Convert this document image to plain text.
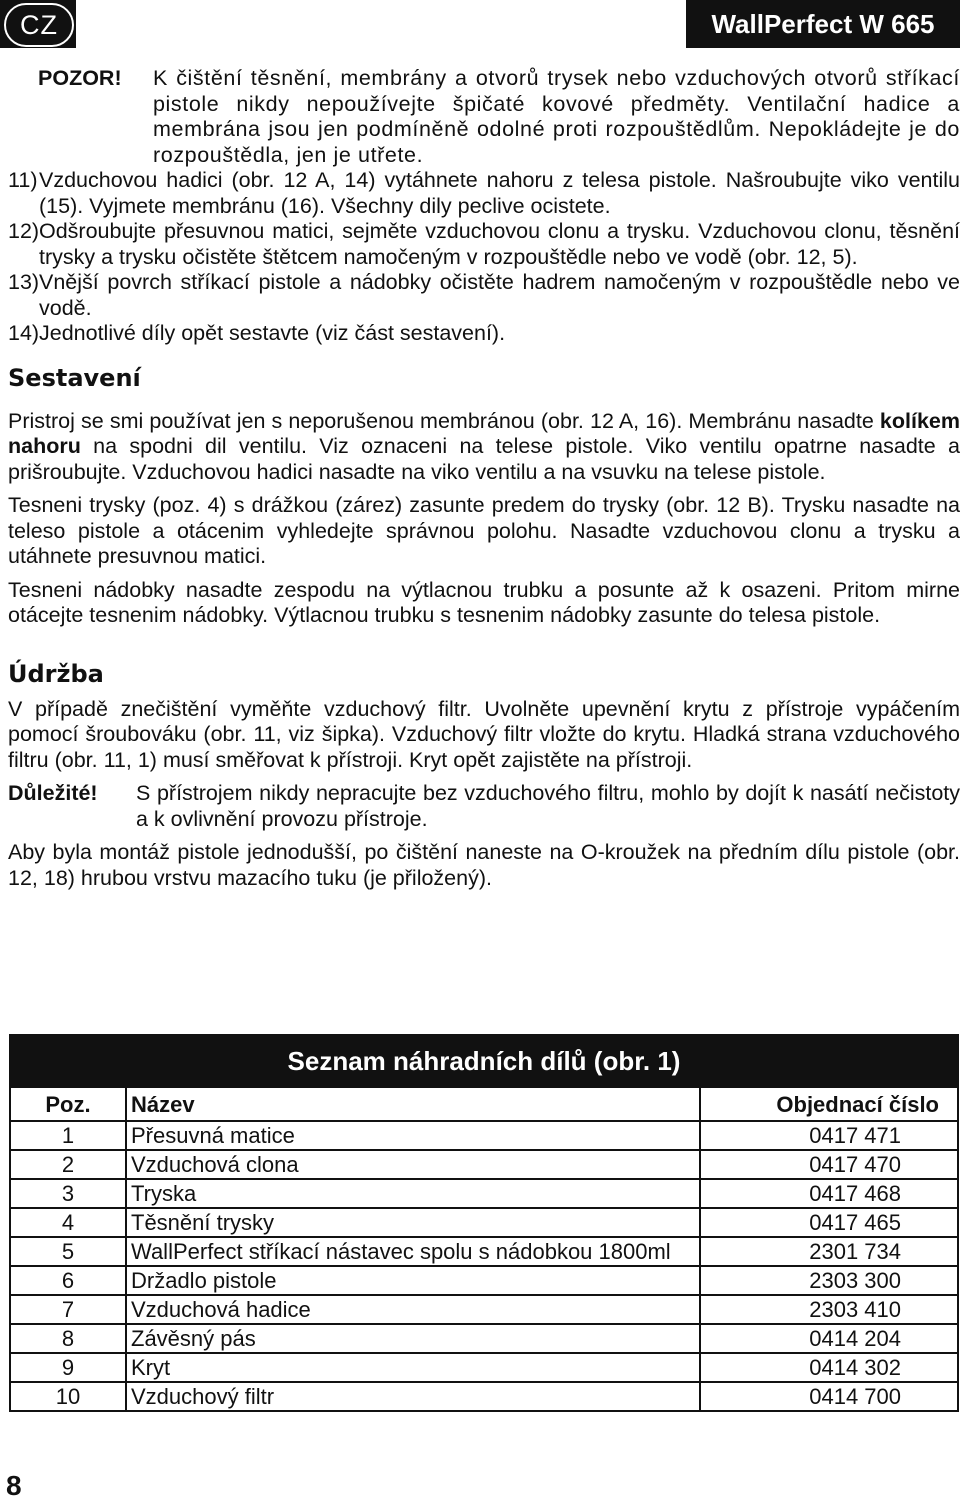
CZ	WallPerfect W 665
POZOR!	K čištění těsnění, membrány a otvorů trysek nebo vzduchových otvorů stříkací pistole nikdy nepoužívejte špičaté kovové předměty. Ventilační hadice a membrána jsou jen podmíněně odolné proti rozpouštědlům. Nepokládejte je do rozpouštědla, jen je utřete.
11) Vzduchovou hadici (obr. 12 A, 14) vytáhnete nahoru z telesa pistole. Našroubujte viko ventilu (15). Vyjmete membránu (16). Všechny dily peclive ocistete.
12) Odšroubujte přesuvnou matici, sejměte vzduchovou clonu a trysku. Vzduchovou clonu, těsnění trysky a trysku očistěte štětcem namočeným v rozpouštědle nebo ve vodě (obr. 12, 5).
13) Vnější povrch stříkací pistole a nádobky očistěte hadrem namočeným v rozpouštědle nebo ve vodě.
14) Jednotlivé díly opět sestavte (viz část sestavení).
Sestavení

Pristroj se smi používat jen s neporušenou membránou (obr. 12 A, 16). Membránu nasadte kolíkem nahoru na spodni dil ventilu. Viz oznaceni na telese pistole. Viko ventilu opatrne nasadte a prišroubujte. Vzduchovou hadici nasadte na viko ventilu a na vsuvku na telese pistole.

Tesneni trysky (poz. 4) s drážkou (zárez) zasunte predem do trysky (obr. 12 B). Trysku nasadte na teleso pistole a otácenim vyhledejte správnou polohu. Nasadte vzduchovou clonu a trysku a utáhnete presuvnou matici.

Tesneni nádobky nasadte zespodu na výtlacnou trubku a posunte až k osazeni. Pritom mirne otácejte tesnenim nádobky. Výtlacnou trubku s tesnenim nádobky zasunte do telesa pistole.

Údržba

V případě znečištění vyměňte vzduchový filtr. Uvolněte upevnění krytu z přístroje vypáčením pomocí šroubováku (obr. 11, viz šipka). Vzduchový filtr vložte do krytu. Hladká strana vzduchového filtru (obr. 11, 1) musí směřovat k přístroji. Kryt opět zajistěte na přístroji.

Důležité!	S přístrojem nikdy nepracujte bez vzduchového filtru, mohlo by dojít k nasátí nečistoty a k ovlivnění provozu přístroje.

Aby byla montáž pistole jednodušší, po čištění naneste na O-kroužek na předním dílu pistole (obr. 12, 18) hrubou vrstvu mazacího tuku (je přiložený).

Seznam náhradních dílů (obr. 1)
Poz.	Název	Objednací číslo
1	Přesuvná matice	0417 471
2	Vzduchová clona	0417 470
3	Tryska	0417 468
4	Těsnění trysky	0417 465
5	WallPerfect stříkací nástavec spolu s nádobkou 1800ml	2301 734
6	Držadlo pistole	2303 300
7	Vzduchová hadice	2303 410
8	Závěsný pás	0414 204
9	Kryt	0414 302
10	Vzduchový filtr	0414 700
8
